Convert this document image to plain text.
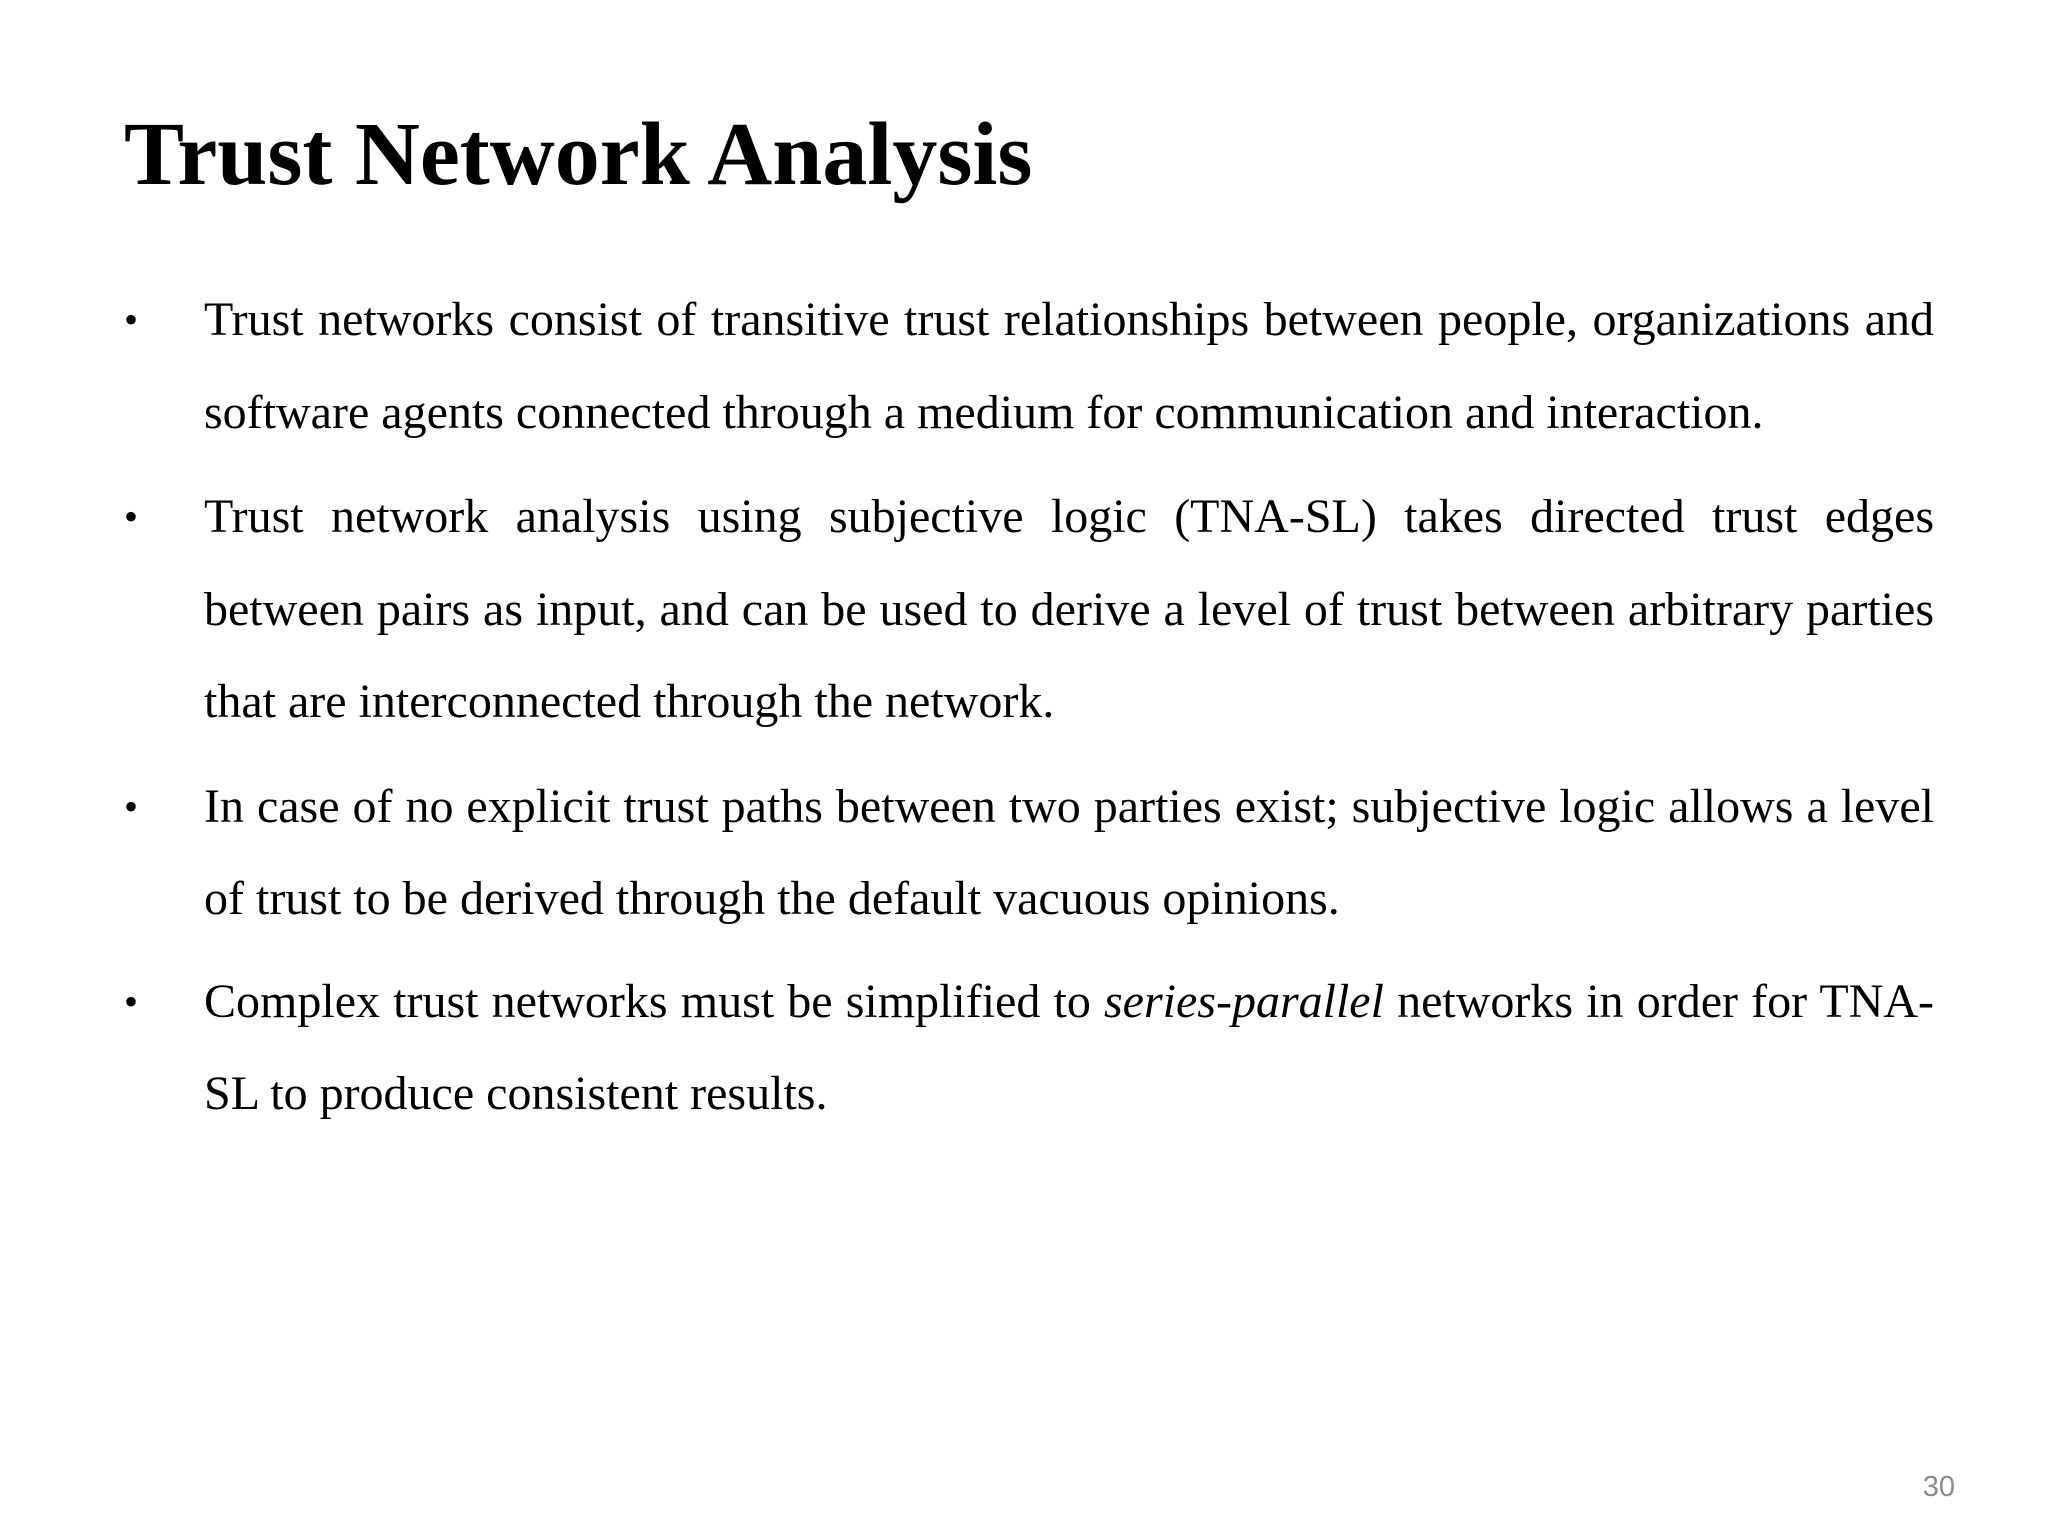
Trust Network Analysis
•	Trust networks consist of transitive trust relationships between people, organizations and software agents connected through a medium for communication and interaction.
•	Trust network analysis using subjective logic (TNA-SL) takes directed trust edges between pairs as input, and can be used to derive a level of trust between arbitrary parties that are interconnected through the network.
•	In case of no explicit trust paths between two parties exist; subjective logic allows a level of trust to be derived through the default vacuous opinions.
•	Complex trust networks must be simplified to series-parallel networks in order for TNA-SL to produce consistent results.
30
